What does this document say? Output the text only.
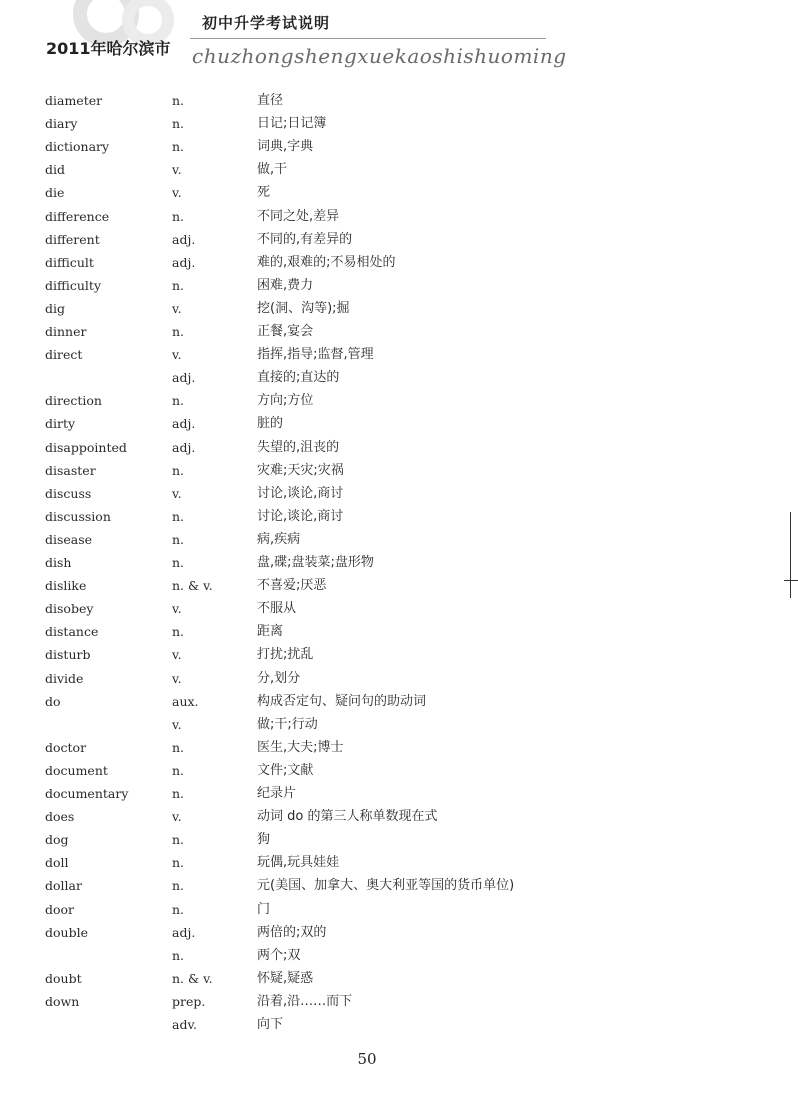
初中升学考试说明
2011年哈尔滨市 chuzhongshengxuekaoshishuoming
diameter	n.	直径
diary	n.	日记;日记簿
dictionary	n.	词典,字典
did	v.	做,干
die	v.	死
difference	n.	不同之处,差异
different	adj.	不同的,有差异的
difficult	adj.	难的,艰难的;不易相处的
difficulty	n.	困难,费力
dig	v.	挖(洞、沟等);掘
dinner	n.	正餐,宴会
direct	v.	指挥,指导;监督,管理
adj.	直接的;直达的
direction	n.	方向;方位
dirty	adj.	脏的
disappointed	adj.	失望的,沮丧的
disaster	n.	灾难;天灾;灾祸
discuss	v.	讨论,谈论,商讨
discussion	n.	讨论,谈论,商讨
disease	n.	病,疾病
dish	n.	盘,碟;盘装菜;盘形物
dislike	n. & v.	不喜爱;厌恶
disobey	v.	不服从
distance	n.	距离
disturb	v.	打扰;扰乱
divide	v.	分,划分
do	aux.	构成否定句、疑问句的助动词
v.	做;干;行动
doctor	n.	医生,大夫;博士
document	n.	文件;文献
documentary	n.	纪录片
does	v.	动词 do 的第三人称单数现在式
dog	n.	狗
doll	n.	玩偶,玩具娃娃
dollar	n.	元(美国、加拿大、奥大利亚等国的货币单位)
door	n.	门
double	adj.	两倍的;双的
n.	两个;双
doubt	n. & v.	怀疑,疑惑
down	prep.	沿着,沿……而下
adv.	向下
50
